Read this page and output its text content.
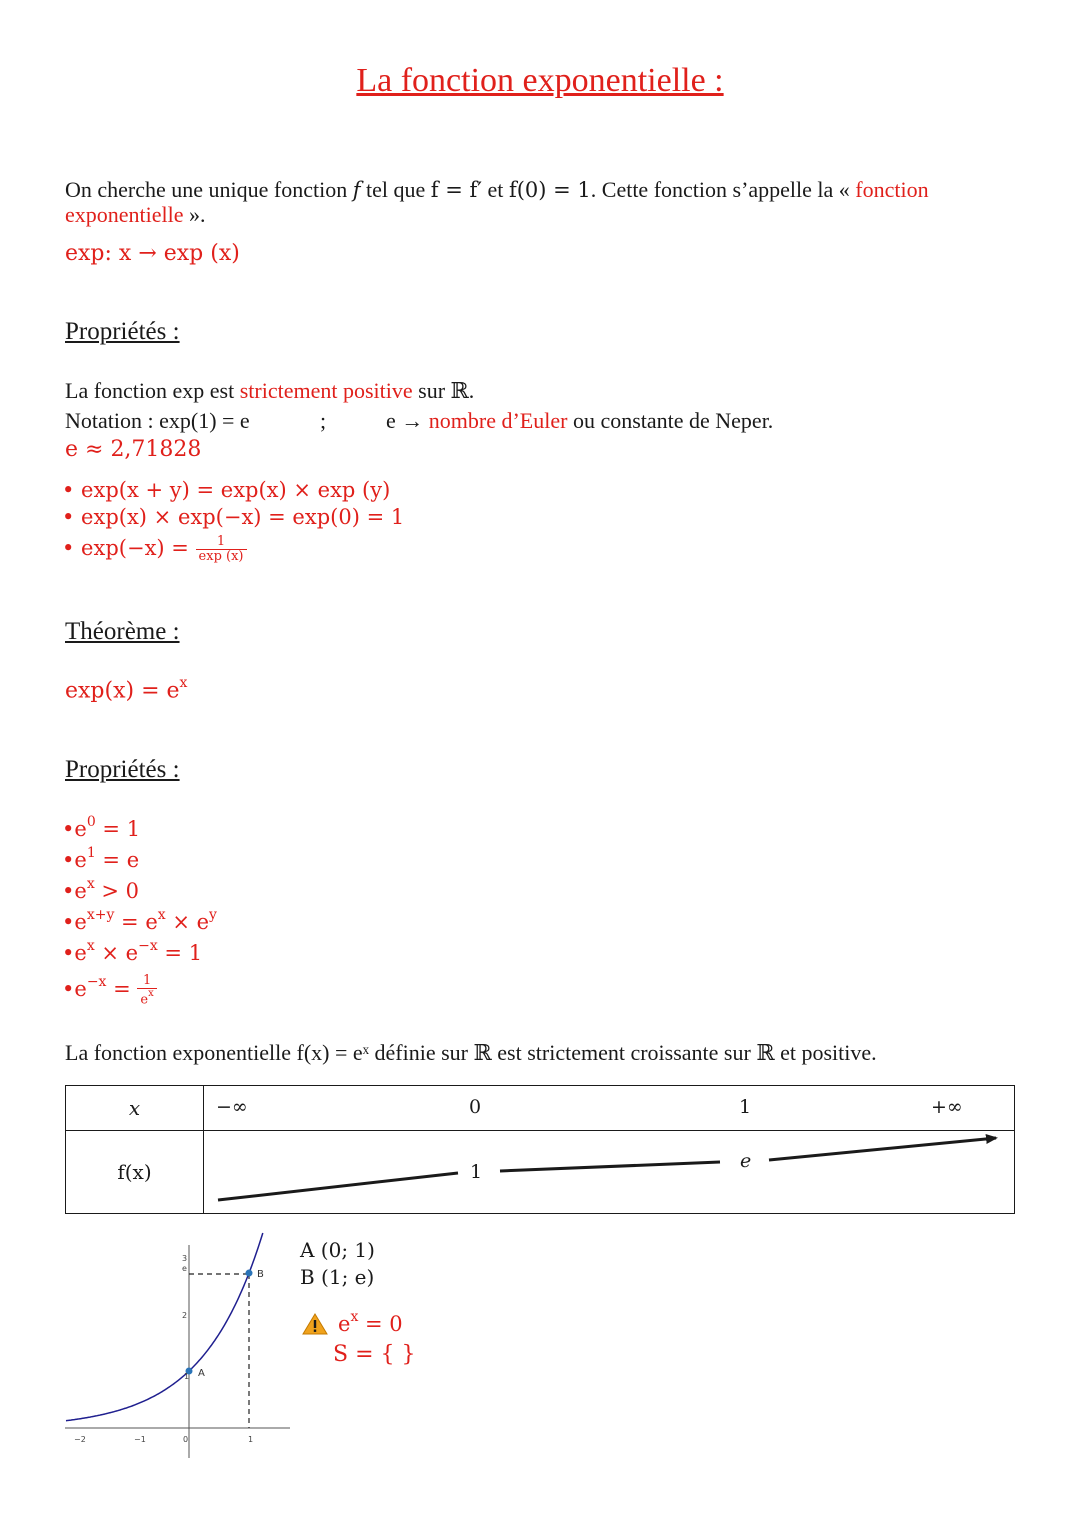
La fonction exponentielle :
On cherche une unique fonction f tel que f = f′ et f(0) = 1. Cette fonction s’appelle la « fonction
exponentielle ».
exp: x → exp (x)
Propriétés :
La fonction exp est strictement positive sur ℝ.
Notation : exp(1) = e	;	e → nombre d’Euler ou constante de Neper.
e ≈ 2,71828
• exp(x + y) = exp(x) × exp (y)
• exp(x) × exp(−x) = exp(0) = 1
• $\exp(-x) = \frac{1}{\exp (x)}$
Théorème :
$\exp(x) = e^x$
Propriétés :
$•e^0 = 1$
$•e^1 = e$
$•e^x > 0$
$•e^{x+y} = e^x \times e^y$
$•e^x \times e^{-x} = 1$
$•e^{-x} = \frac{1}{e^x}$
La fonction exponentielle f(x) = eˣ définie sur ℝ est strictement croissante sur ℝ et positive.
x	−∞ 0 1 +∞

f(x)	1 e
A
B
−2	−1	0	1
1
2
3
e
A (0; 1)
B (1; e)
$e^x = 0$
S = { }
